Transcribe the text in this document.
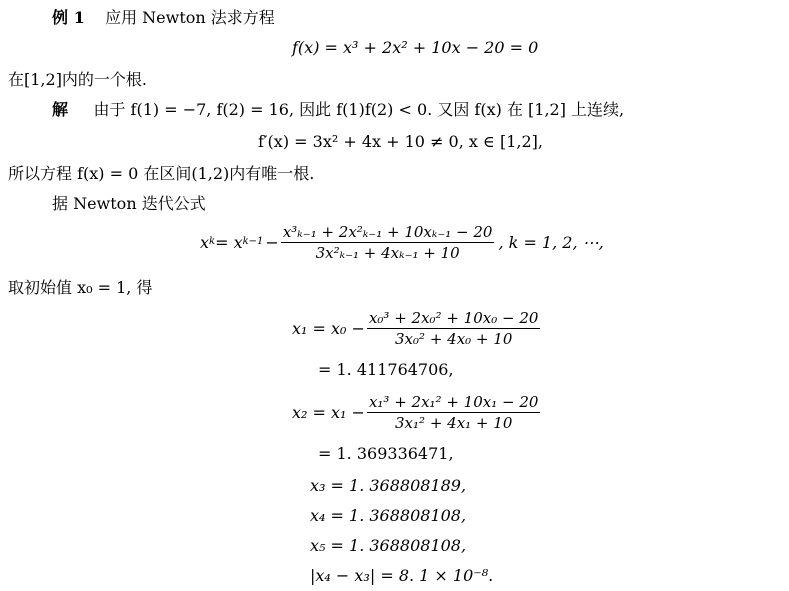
例 1 应用 Newton 法求方程
f(x) = x³ + 2x² + 10x − 20 = 0
在[1,2]内的一个根.
解 由于 f(1) = −7, f(2) = 16, 因此 f(1)f(2) < 0. 又因 f(x) 在 [1,2] 上连续,
f′(x) = 3x² + 4x + 10 ≠ 0, x ∈ [1,2],
所以方程 f(x) = 0 在区间(1,2)内有唯一根.
据 Newton 迭代公式
x k = x $k-1 - \frac{\text{x³ₖ₋₁ + 2x²ₖ₋₁ + 10xₖ₋₁ − 20}}{\text{3x²ₖ₋₁ + 4xₖ₋₁ + 10}}$ , k = 1, 2, ⋯,
取初始值 x₀ = 1, 得
$x_1 = x_0 - \frac{\text{x₀³ + 2x₀² + 10x₀ − 20}}{\text{3x₀² + 4x₀ + 10}}$
= 1. 411764706,
$x_2 = x_1 - \frac{\text{x₁³ + 2x₁² + 10x₁ − 20}}{\text{3x₁² + 4x₁ + 10}}$
= 1. 369336471,
x₃ = 1. 368808189,
x₄ = 1. 368808108,
x₅ = 1. 368808108,
|x₄ − x₃| = 8. 1 × 10⁻⁸.
